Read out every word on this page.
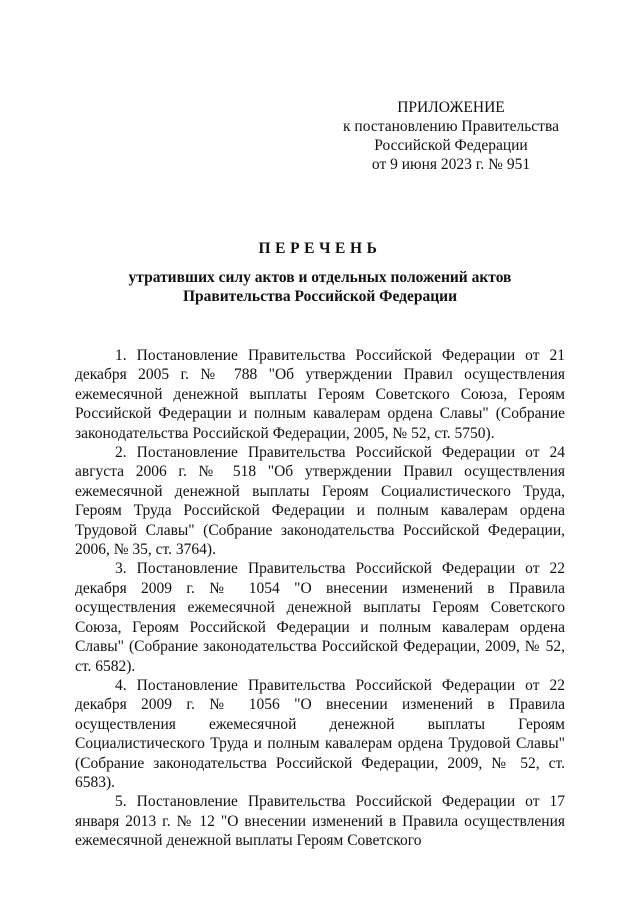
ПРИЛОЖЕНИЕ
к постановлению Правительства
Российской Федерации
от 9 июня 2023 г. № 951
ПЕРЕЧЕНЬ
утративших силу актов и отдельных положений актов
Правительства Российской Федерации

1. Постановление Правительства Российской Федерации от 21 декабря 2005 г. № 788 "Об утверждении Правил осуществления ежемесячной денежной выплаты Героям Советского Союза, Героям Российской Федерации и полным кавалерам ордена Славы" (Собрание законодательства Российской Федерации, 2005, № 52, ст. 5750).

2. Постановление Правительства Российской Федерации от 24 августа 2006 г. № 518 "Об утверждении Правил осуществления ежемесячной денежной выплаты Героям Социалистического Труда, Героям Труда Российской Федерации и полным кавалерам ордена Трудовой Славы" (Собрание законодательства Российской Федерации, 2006, № 35, ст. 3764).

3. Постановление Правительства Российской Федерации от 22 декабря 2009 г. № 1054 "О внесении изменений в Правила осуществления ежемесячной денежной выплаты Героям Советского Союза, Героям Российской Федерации и полным кавалерам ордена Славы" (Собрание законодательства Российской Федерации, 2009, № 52, ст. 6582).

4. Постановление Правительства Российской Федерации от 22 декабря 2009 г. № 1056 "О внесении изменений в Правила осуществления ежемесячной денежной выплаты Героям Социалистического Труда и полным кавалерам ордена Трудовой Славы" (Собрание законодательства Российской Федерации, 2009, № 52, ст. 6583).

5. Постановление Правительства Российской Федерации от 17 января 2013 г. № 12 "О внесении изменений в Правила осуществления ежемесячной денежной выплаты Героям Советского
